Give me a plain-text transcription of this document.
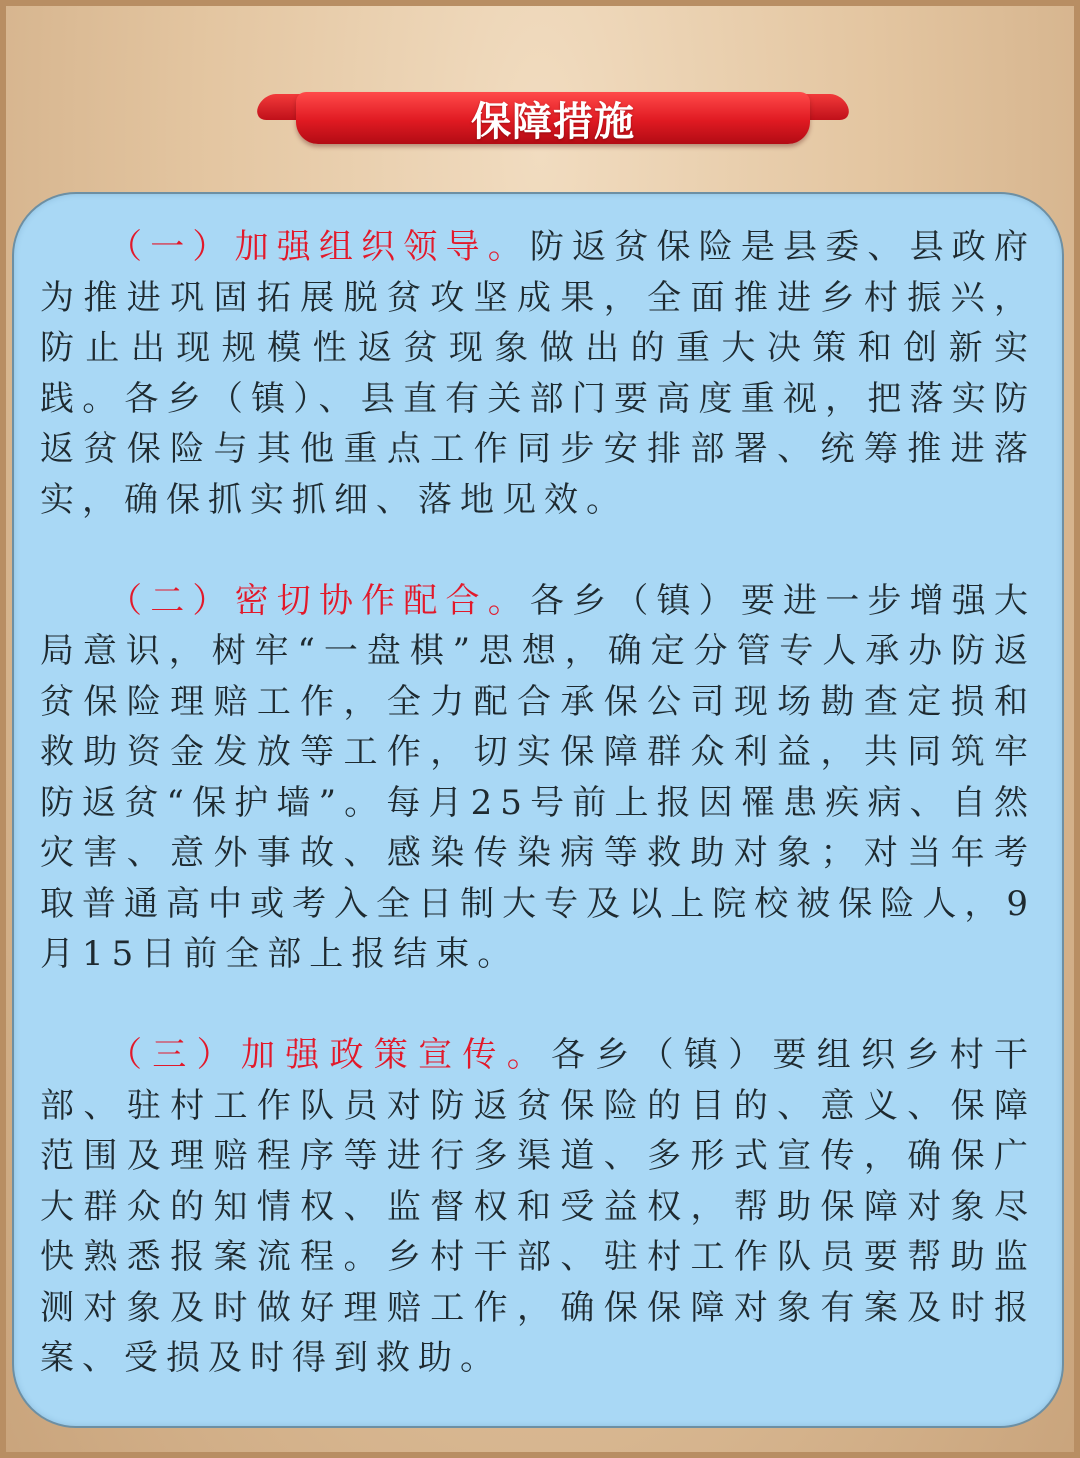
保障措施

（一）加强组织领导。防返贫保险是县委、县政府为推进巩固拓展脱贫攻坚成果，全面推进乡村振兴，防止出现规模性返贫现象做出的重大决策和创新实践。各乡（镇）、县直有关部门要高度重视，把落实防返贫保险与其他重点工作同步安排部署、统筹推进落实，确保抓实抓细、落地见效。

（二）密切协作配合。各乡（镇）要进一步增强大局意识，树牢“一盘棋”思想，确定分管专人承办防返贫保险理赔工作，全力配合承保公司现场勘查定损和救助资金发放等工作，切实保障群众利益，共同筑牢防返贫“保护墙”。每月25号前上报因罹患疾病、自然灾害、意外事故、感染传染病等救助对象；对当年考取普通高中或考入全日制大专及以上院校被保险人，9月15日前全部上报结束。

（三）加强政策宣传。各乡（镇）要组织乡村干部、驻村工作队员对防返贫保险的目的、意义、保障范围及理赔程序等进行多渠道、多形式宣传，确保广大群众的知情权、监督权和受益权，帮助保障对象尽快熟悉报案流程。乡村干部、驻村工作队员要帮助监测对象及时做好理赔工作，确保保障对象有案及时报案、受损及时得到救助。
